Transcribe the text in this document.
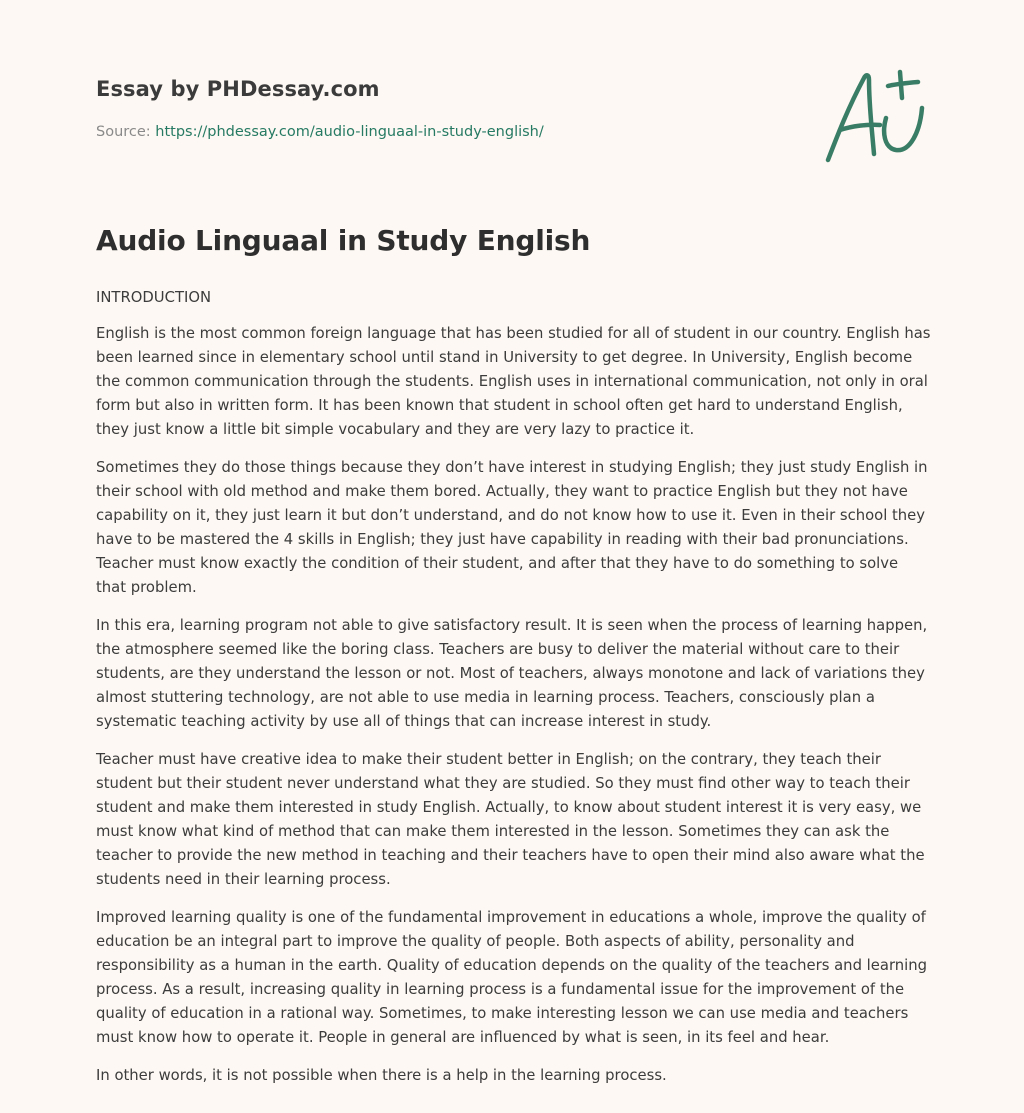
Essay by PHDessay.com
Source: https://phdessay.com/audio-linguaal-in-study-english/
Audio Linguaal in Study English

INTRODUCTION

English is the most common foreign language that has been studied for all of student in our country. English has been learned since in elementary school until stand in University to get degree. In University, English become the common communication through the students. English uses in international communication, not only in oral form but also in written form. It has been known that student in school often get hard to understand English, they just know a little bit simple vocabulary and they are very lazy to practice it.

Sometimes they do those things because they don’t have interest in studying English; they just study English in their school with old method and make them bored. Actually, they want to practice English but they not have capability on it, they just learn it but don’t understand, and do not know how to use it. Even in their school they have to be mastered the 4 skills in English; they just have capability in reading with their bad pronunciations. Teacher must know exactly the condition of their student, and after that they have to do something to solve that problem.

In this era, learning program not able to give satisfactory result. It is seen when the process of learning happen, the atmosphere seemed like the boring class. Teachers are busy to deliver the material without care to their students, are they understand the lesson or not. Most of teachers, always monotone and lack of variations they almost stuttering technology, are not able to use media in learning process. Teachers, consciously plan a systematic teaching activity by use all of things that can increase interest in study.

Teacher must have creative idea to make their student better in English; on the contrary, they teach their student but their student never understand what they are studied. So they must find other way to teach their student and make them interested in study English. Actually, to know about student interest it is very easy, we must know what kind of method that can make them interested in the lesson. Sometimes they can ask the teacher to provide the new method in teaching and their teachers have to open their mind also aware what the students need in their learning process.

Improved learning quality is one of the fundamental improvement in educations a whole, improve the quality of education be an integral part to improve the quality of people. Both aspects of ability, personality and responsibility as a human in the earth. Quality of education depends on the quality of the teachers and learning process. As a result, increasing quality in learning process is a fundamental issue for the improvement of the quality of education in a rational way. Sometimes, to make interesting lesson we can use media and teachers must know how to operate it. People in general are influenced by what is seen, in its feel and hear.

In other words, it is not possible when there is a help in the learning process.
